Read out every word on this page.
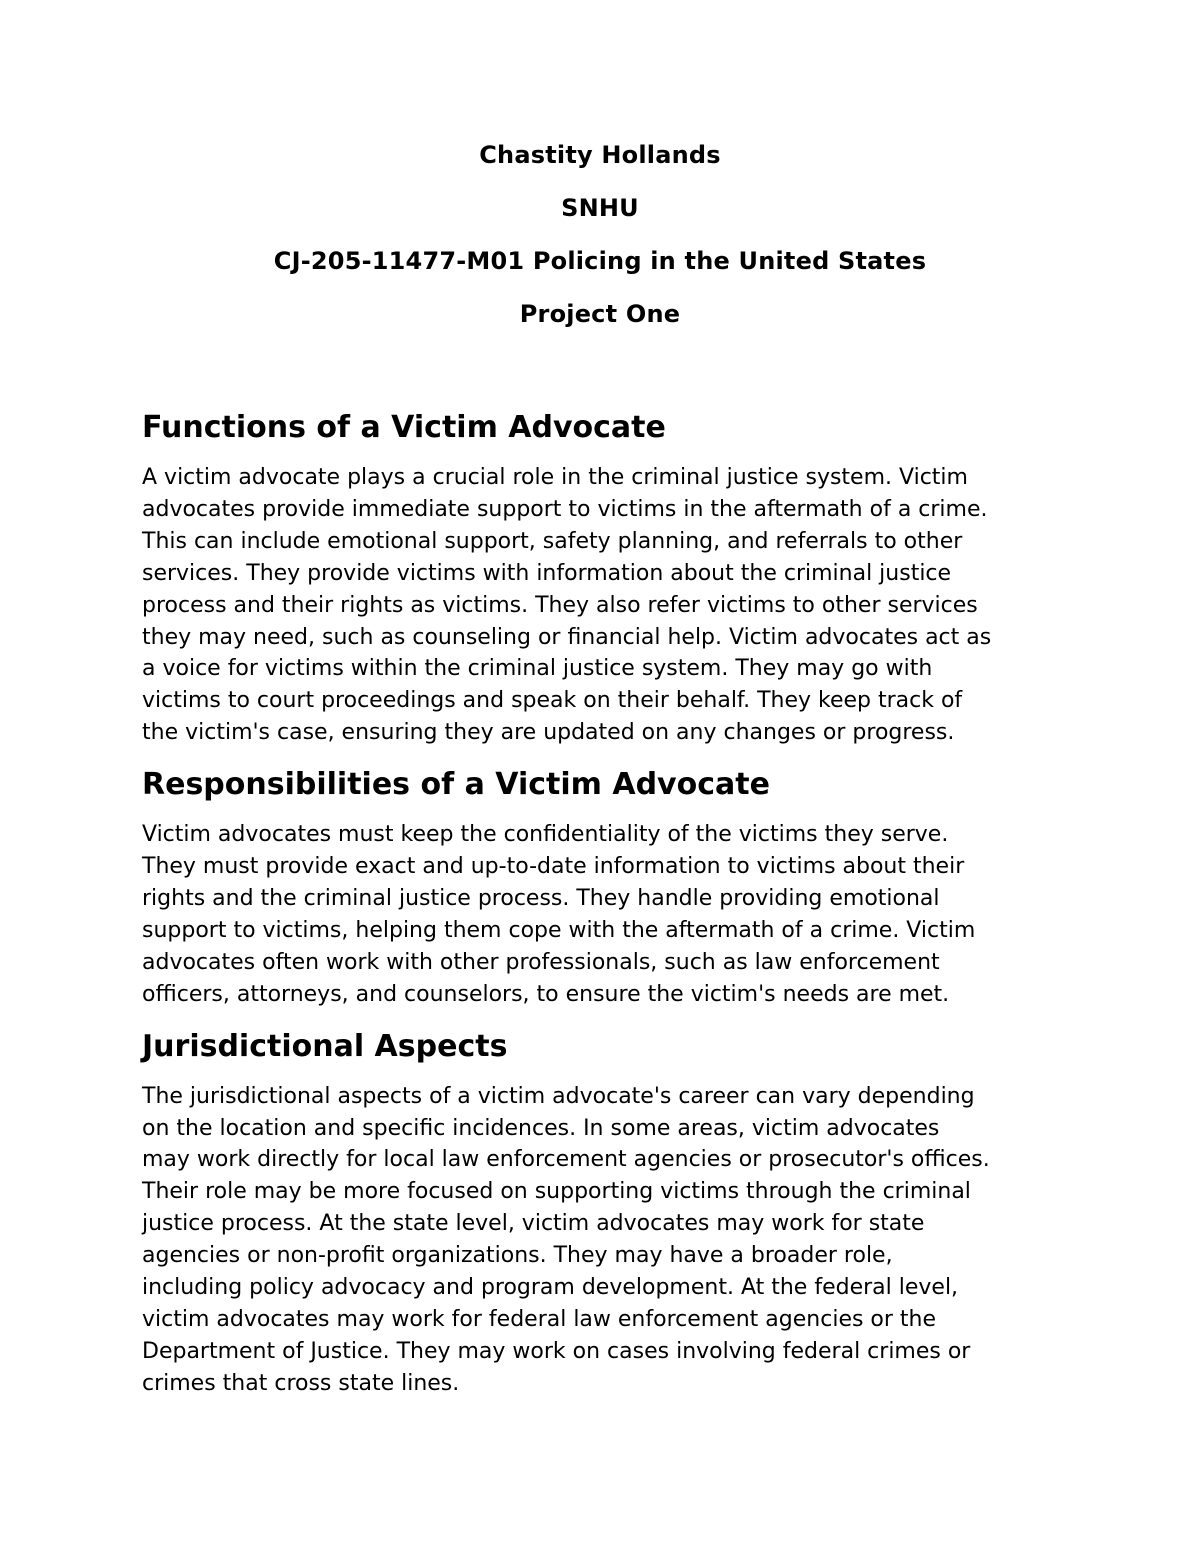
Chastity Hollands
SNHU
CJ-205-11477-M01 Policing in the United States
Project One
Functions of a Victim Advocate

A victim advocate plays a crucial role in the criminal justice system. Victim
advocates provide immediate support to victims in the aftermath of a crime.
This can include emotional support, safety planning, and referrals to other
services. They provide victims with information about the criminal justice
process and their rights as victims. They also refer victims to other services
they may need, such as counseling or financial help. Victim advocates act as
a voice for victims within the criminal justice system. They may go with
victims to court proceedings and speak on their behalf. They keep track of
the victim's case, ensuring they are updated on any changes or progress.

Responsibilities of a Victim Advocate

Victim advocates must keep the confidentiality of the victims they serve.
They must provide exact and up-to-date information to victims about their
rights and the criminal justice process. They handle providing emotional
support to victims, helping them cope with the aftermath of a crime. Victim
advocates often work with other professionals, such as law enforcement
officers, attorneys, and counselors, to ensure the victim's needs are met.

Jurisdictional Aspects

The jurisdictional aspects of a victim advocate's career can vary depending
on the location and specific incidences. In some areas, victim advocates
may work directly for local law enforcement agencies or prosecutor's offices.
Their role may be more focused on supporting victims through the criminal
justice process. At the state level, victim advocates may work for state
agencies or non-profit organizations. They may have a broader role,
including policy advocacy and program development. At the federal level,
victim advocates may work for federal law enforcement agencies or the
Department of Justice. They may work on cases involving federal crimes or
crimes that cross state lines.
